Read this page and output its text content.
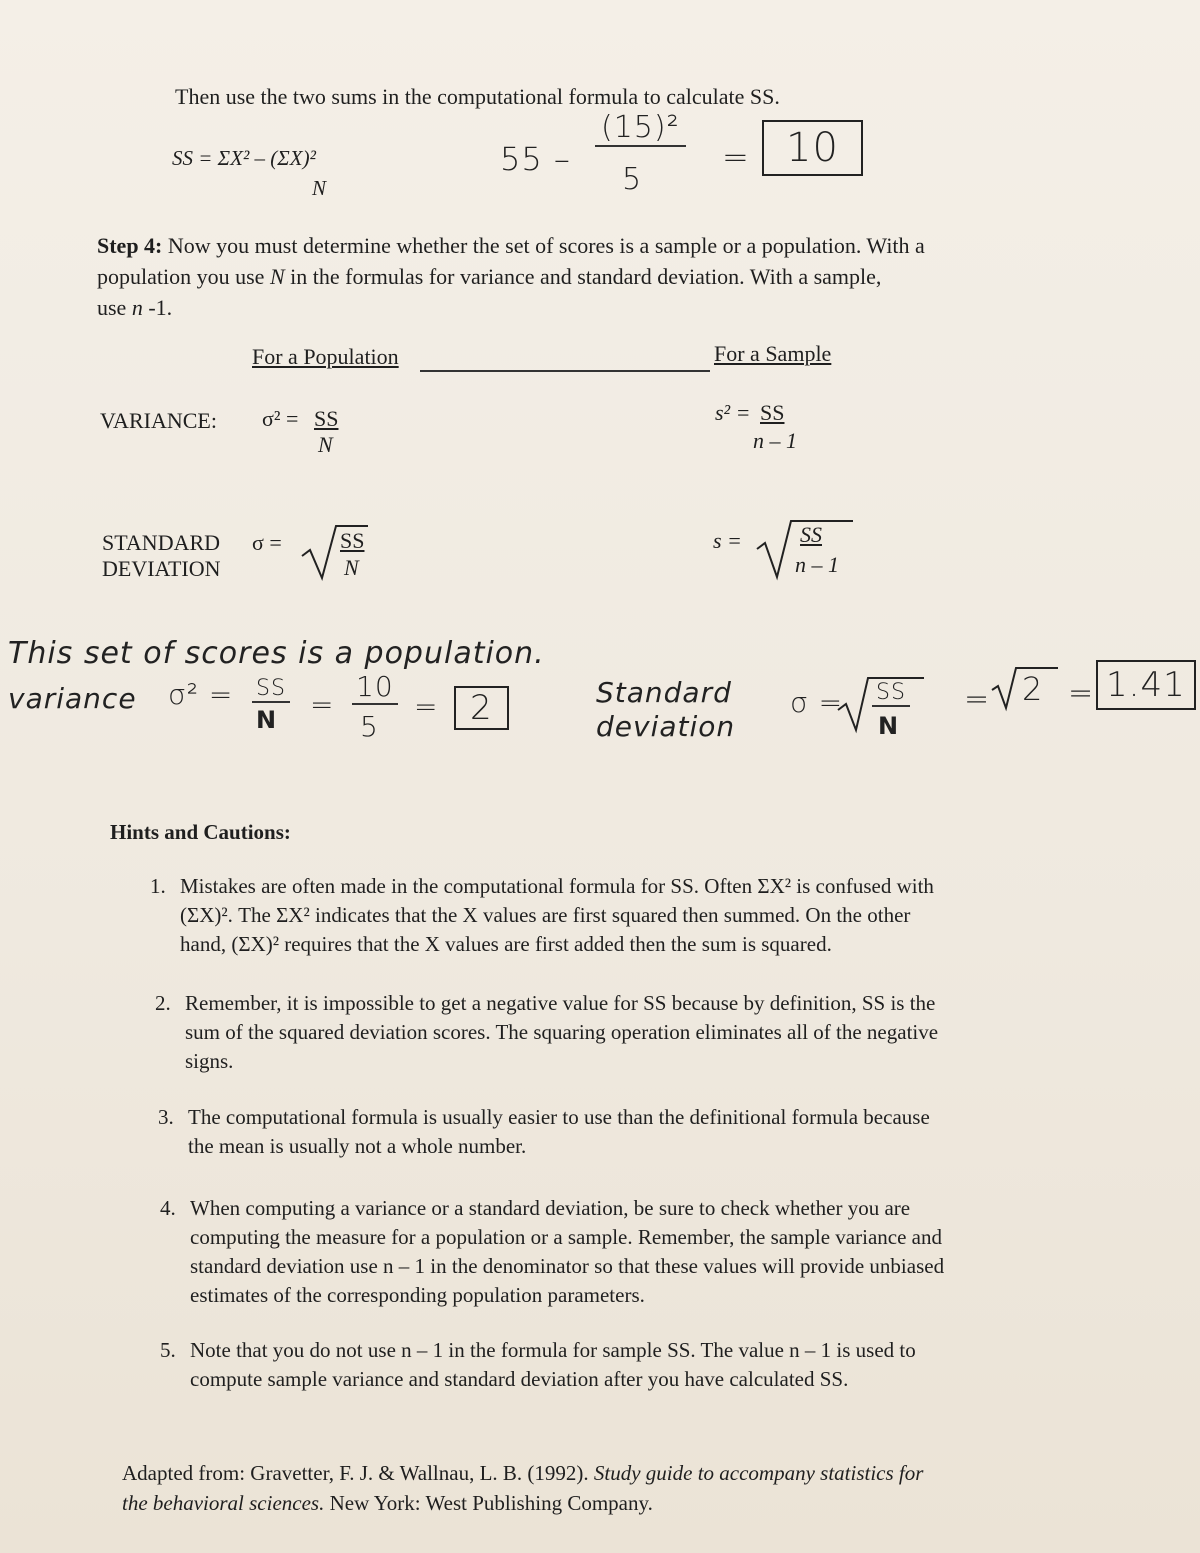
Then use the two sums in the computational formula to calculate SS.
SS = ΣX² – (ΣX)²
N
55 –
(15)²
5
= 10
Step 4: Now you must determine whether the set of scores is a sample or a population. With a
population you use N in the formulas for variance and standard deviation. With a sample,
use n -1.
For a Population	For a Sample
VARIANCE: σ² = SS
N
s² = SS
n – 1
STANDARD
DEVIATION
σ =	SS
N
s =	SS
n – 1
This set of scores is a population.
variance σ² = SS
N =
10
5
= 2	Standard
deviation
σ = SS
N
= 2 = 1.41
Hints and Cautions:
1. Mistakes are often made in the computational formula for SS. Often ΣX² is confused with

(ΣX)². The ΣX² indicates that the X values are first squared then summed. On the other

hand, (ΣX)² requires that the X values are first added then the sum is squared.

2. Remember, it is impossible to get a negative value for SS because by definition, SS is the

sum of the squared deviation scores. The squaring operation eliminates all of the negative

signs.

3. The computational formula is usually easier to use than the definitional formula because

the mean is usually not a whole number.

4. When computing a variance or a standard deviation, be sure to check whether you are

computing the measure for a population or a sample. Remember, the sample variance and

standard deviation use n – 1 in the denominator so that these values will provide unbiased

estimates of the corresponding population parameters.

5. Note that you do not use n – 1 in the formula for sample SS. The value n – 1 is used to

compute sample variance and standard deviation after you have calculated SS.

Adapted from: Gravetter, F. J. & Wallnau, L. B. (1992). Study guide to accompany statistics for
the behavioral sciences. New York: West Publishing Company.
